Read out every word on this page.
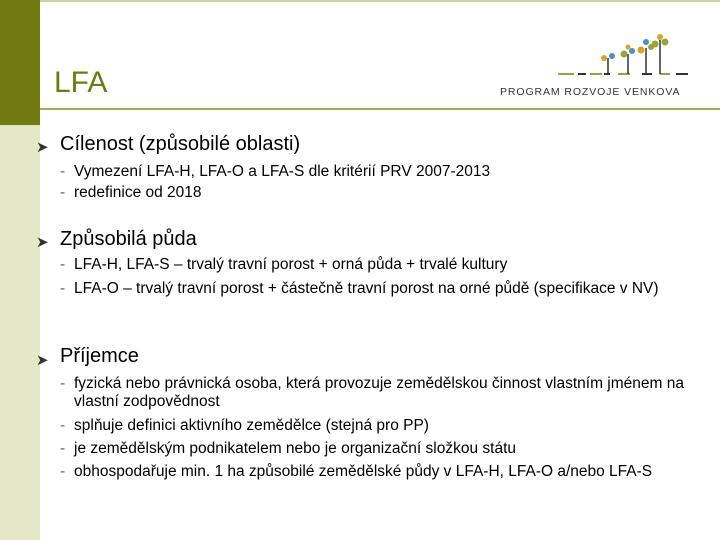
LFA	PROGRAM ROZVOJE VENKOVA
➤ Cílenost (způsobilé oblasti)
- Vymezení LFA-H, LFA-O a LFA-S dle kritérií PRV 2007-2013
- redefinice od 2018
➤ Způsobilá půda
- LFA-H, LFA-S – trvalý travní porost + orná půda + trvalé kultury
- LFA-O – trvalý travní porost + částečně travní porost na orné půdě (specifikace v NV)
➤ Příjemce
- fyzická nebo právnická osoba, která provozuje zemědělskou činnost vlastním jménem na vlastní zodpovědnost
- splňuje definici aktivního zemědělce (stejná pro PP)
- je zemědělským podnikatelem nebo je organizační složkou státu
- obhospodařuje min. 1 ha způsobilé zemědělské půdy v LFA-H, LFA-O a/nebo LFA-S
